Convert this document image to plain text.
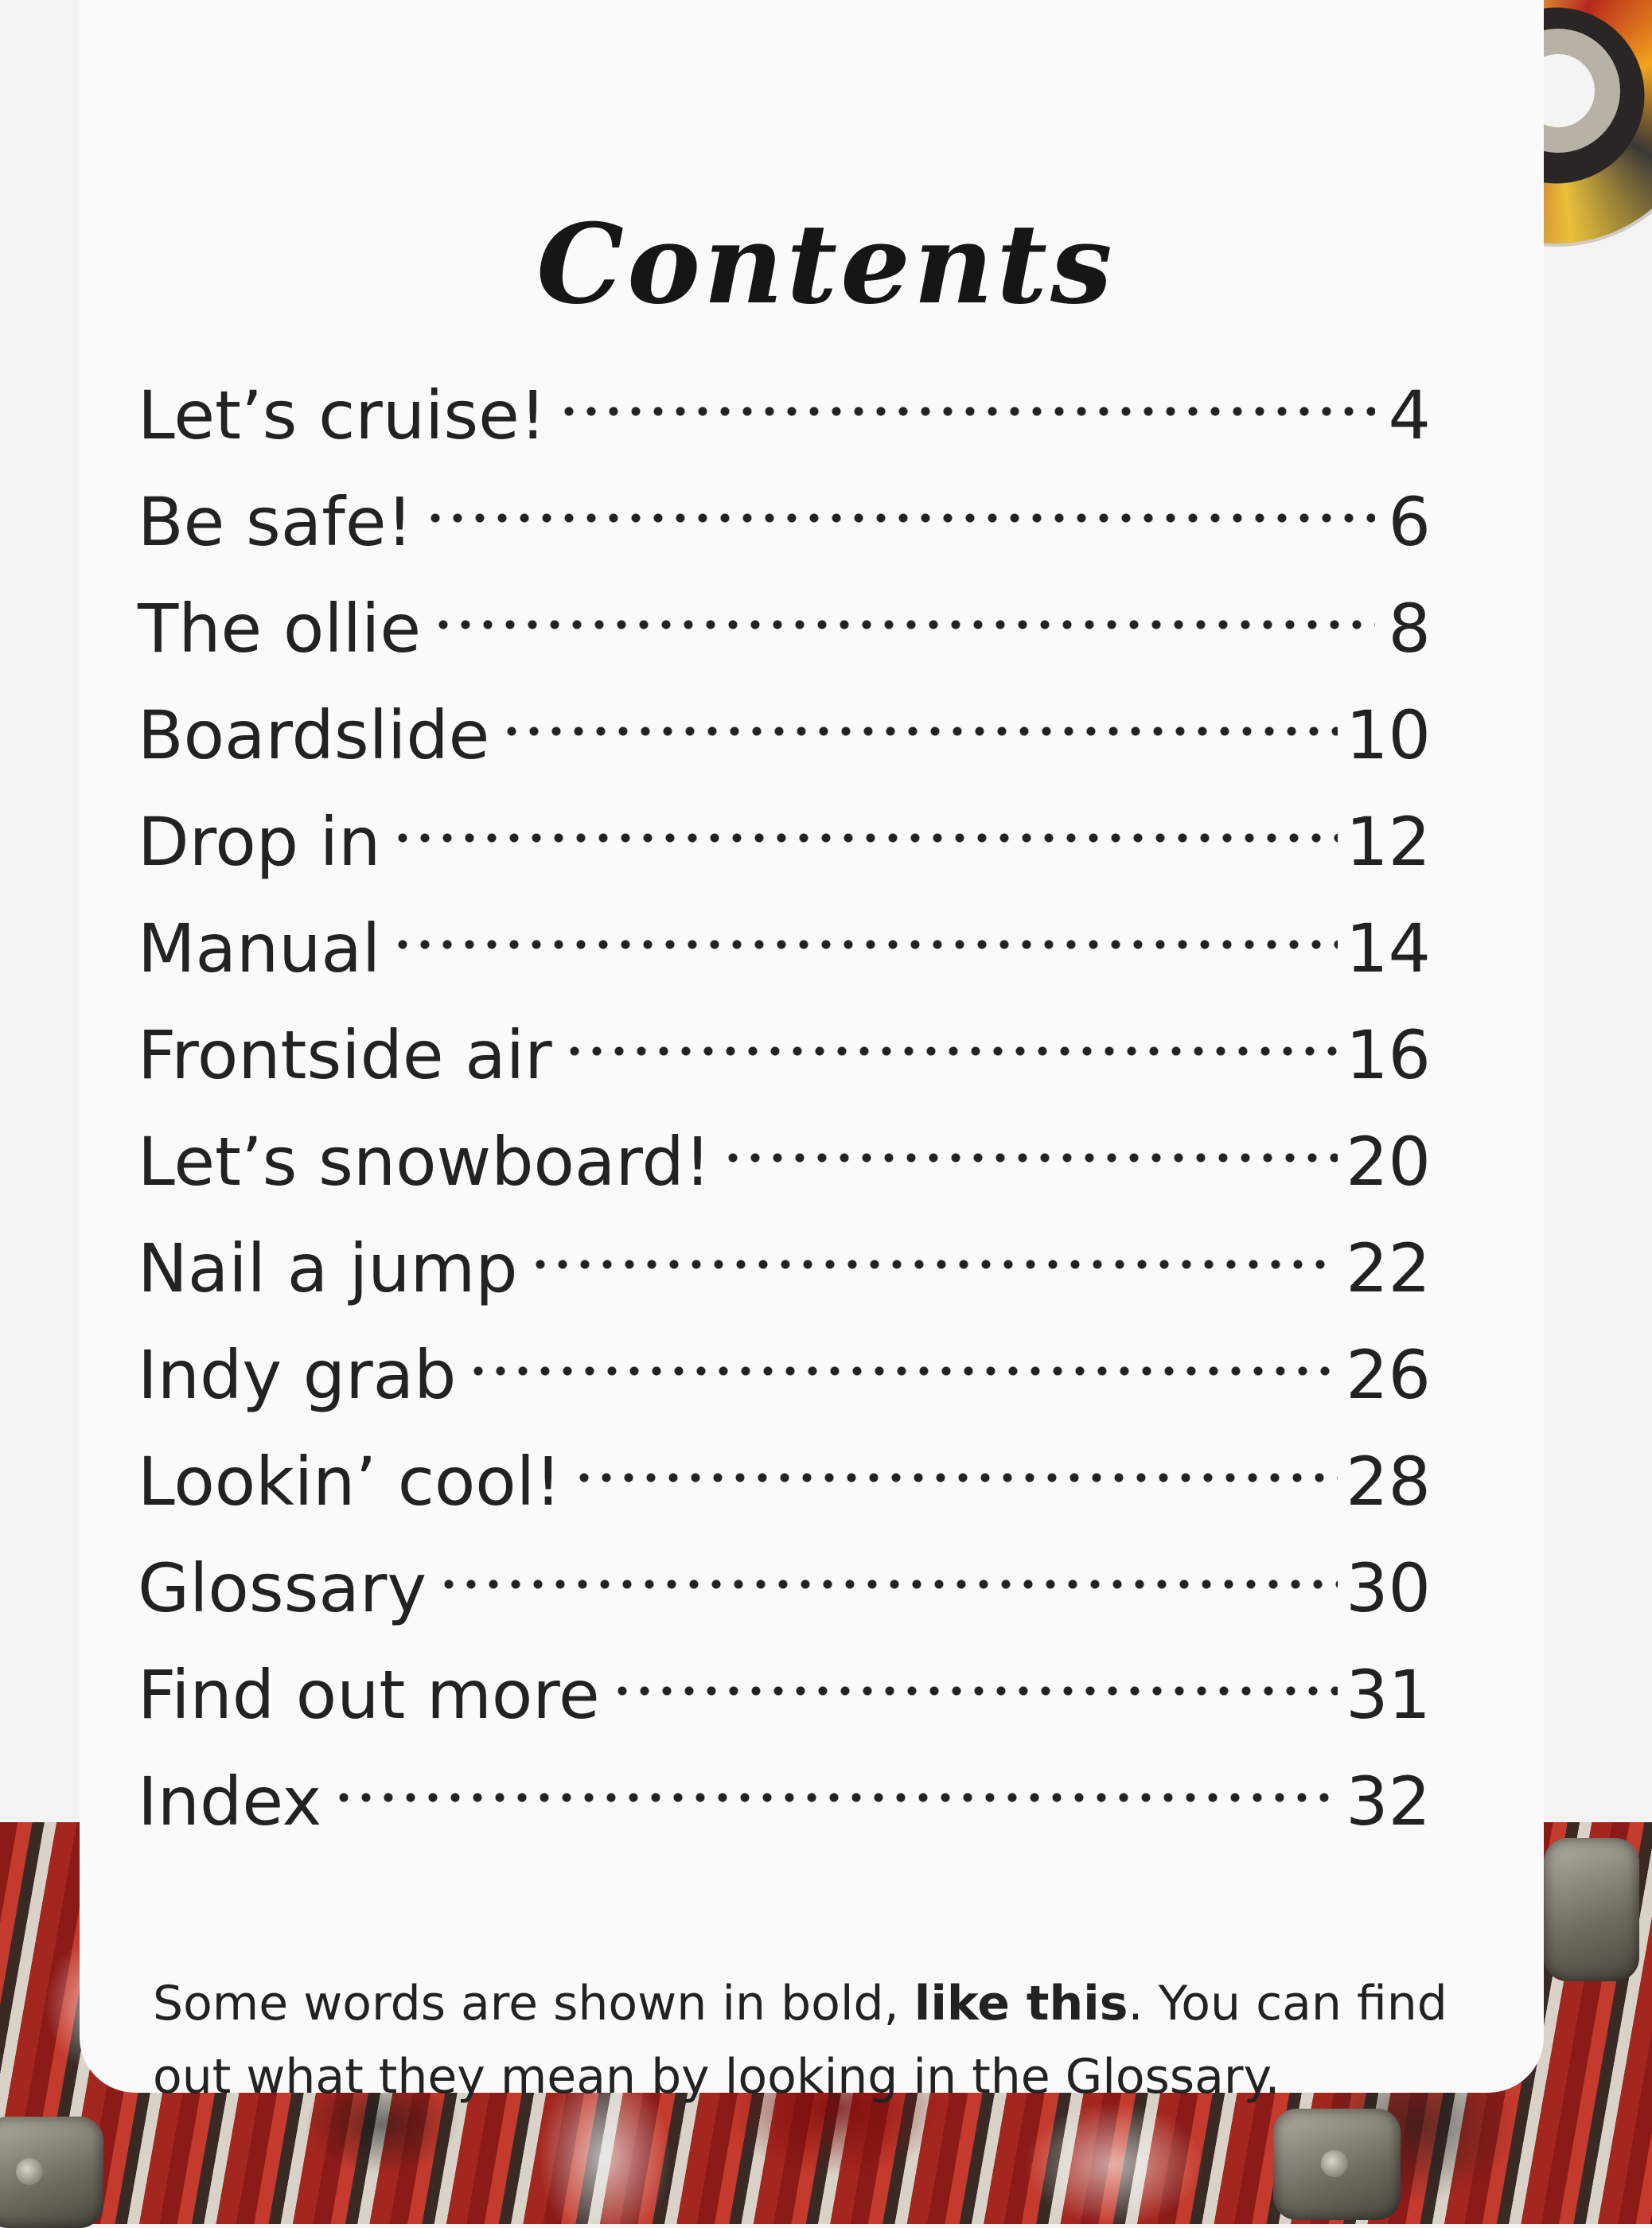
Contents
Let’s cruise!	4
Be safe!	6
The ollie	8
Boardslide	10
Drop in	12
Manual	14
Frontside air	16
Let’s snowboard!	20
Nail a jump	22
Indy grab	26
Lookin’ cool!	28
Glossary	30
Find out more	31
Index	32

Some words are shown in bold, like this. You can find out what they mean by looking in the Glossary.
